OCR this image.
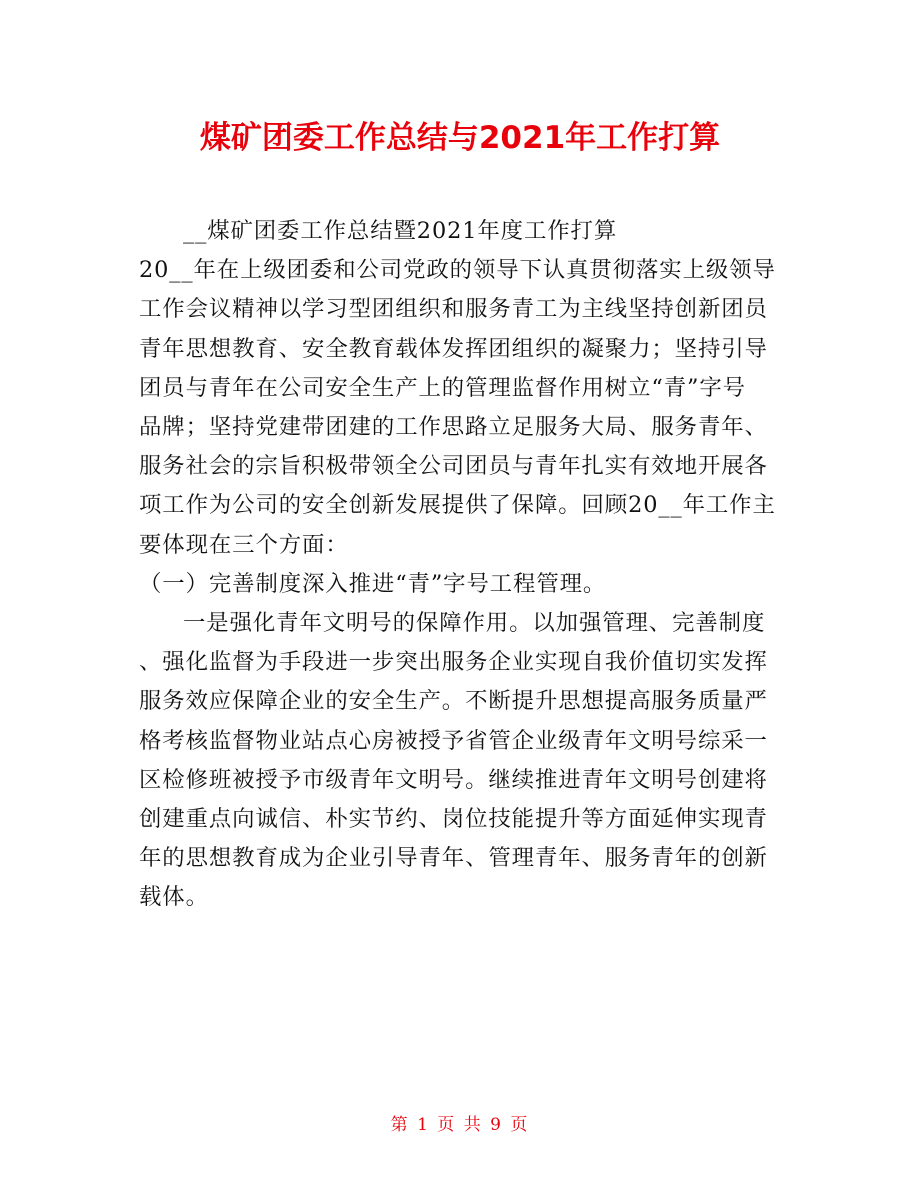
煤矿团委工作总结与2021年工作打算

__煤矿团委工作总结暨2021年度工作打算

20__年在上级团委和公司党政的领导下认真贯彻落实上级领导

工作会议精神以学习型团组织和服务青工为主线坚持创新团员

青年思想教育、安全教育载体发挥团组织的凝聚力；坚持引导

团员与青年在公司安全生产上的管理监督作用树立“青”字号

品牌；坚持党建带团建的工作思路立足服务大局、服务青年、

服务社会的宗旨积极带领全公司团员与青年扎实有效地开展各

项工作为公司的安全创新发展提供了保障。回顾20__年工作主

要体现在三个方面：

（一）完善制度深入推进“青”字号工程管理。

一是强化青年文明号的保障作用。以加强管理、完善制度

、强化监督为手段进一步突出服务企业实现自我价值切实发挥

服务效应保障企业的安全生产。不断提升思想提高服务质量严

格考核监督物业站点心房被授予省管企业级青年文明号综采一

区检修班被授予市级青年文明号。继续推进青年文明号创建将

创建重点向诚信、朴实节约、岗位技能提升等方面延伸实现青

年的思想教育成为企业引导青年、管理青年、服务青年的创新

载体。

第 1 页 共 9 页
